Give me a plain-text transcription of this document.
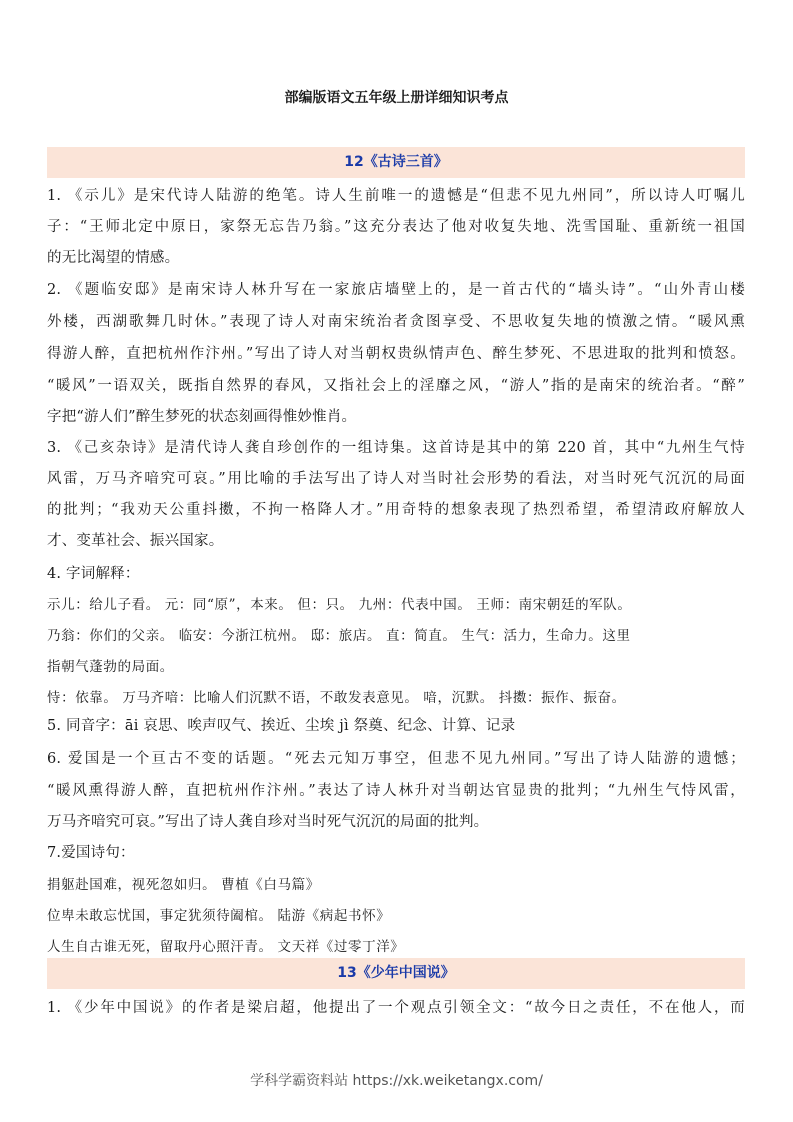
部编版语文五年级上册详细知识考点
12《古诗三首》
1. 《示儿》是宋代诗人陆游的绝笔。诗人生前唯一的遗憾是“但悲不见九州同”，所以诗人叮嘱儿
子：“王师北定中原日，家祭无忘告乃翁。”这充分表达了他对收复失地、洗雪国耻、重新统一祖国
的无比渴望的情感。
2. 《题临安邸》是南宋诗人林升写在一家旅店墙壁上的，是一首古代的“墙头诗”。“山外青山楼
外楼，西湖歌舞几时休。”表现了诗人对南宋统治者贪图享受、不思收复失地的愤激之情。“暖风熏
得游人醉，直把杭州作汴州。”写出了诗人对当朝权贵纵情声色、醉生梦死、不思进取的批判和愤怒。
“暖风”一语双关，既指自然界的春风，又指社会上的淫靡之风，“游人”指的是南宋的统治者。“醉”
字把“游人们”醉生梦死的状态刻画得惟妙惟肖。
3. 《己亥杂诗》是清代诗人龚自珍创作的一组诗集。这首诗是其中的第 220 首，其中“九州生气恃
风雷，万马齐喑究可哀。”用比喻的手法写出了诗人对当时社会形势的看法，对当时死气沉沉的局面
的批判；“我劝天公重抖擞，不拘一格降人才。”用奇特的想象表现了热烈希望，希望清政府解放人
才、变革社会、振兴国家。
4. 字词解释：
示儿：给儿子看。 元：同“原”，本来。 但：只。 九州：代表中国。 王师：南宋朝廷的军队。
乃翁：你们的父亲。 临安：今浙江杭州。 邸：旅店。 直：简直。 生气：活力，生命力。这里
指朝气蓬勃的局面。
恃：依靠。 万马齐喑：比喻人们沉默不语，不敢发表意见。 喑，沉默。 抖擞：振作、振奋。
5. 同音字：āi 哀思、唉声叹气、挨近、尘埃 jì 祭奠、纪念、计算、记录
6. 爱国是一个亘古不变的话题。“死去元知万事空，但悲不见九州同。”写出了诗人陆游的遗憾；
“暖风熏得游人醉，直把杭州作汴州。”表达了诗人林升对当朝达官显贵的批判；“九州生气恃风雷，
万马齐喑究可哀。”写出了诗人龚自珍对当时死气沉沉的局面的批判。
7.爱国诗句：
捐躯赴国难，视死忽如归。 曹植《白马篇》
位卑未敢忘忧国，事定犹须待阖棺。 陆游《病起书怀》
人生自古谁无死，留取丹心照汗青。 文天祥《过零丁洋》
13《少年中国说》
1. 《少年中国说》的作者是梁启超，他提出了一个观点引领全文：“故今日之责任，不在他人，而
学科学霸资料站 https://xk.weiketangx.com/
